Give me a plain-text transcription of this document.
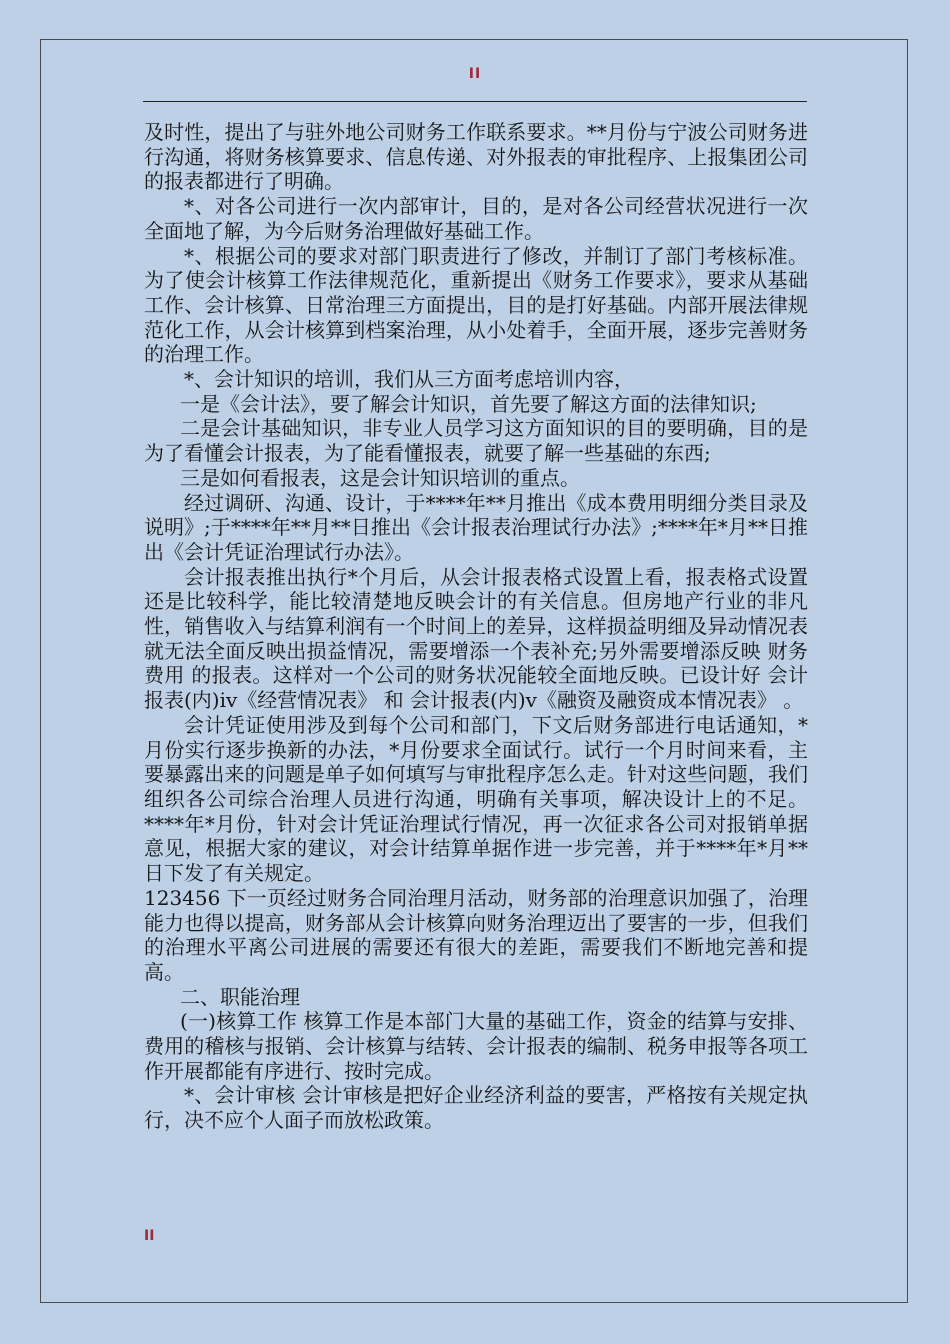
II

及时性，提出了与驻外地公司财务工作联系要求。**月份与宁波公司财务进行沟通，将财务核算要求、信息传递、对外报表的审批程序、上报集团公司的报表都进行了明确。

*、对各公司进行一次内部审计，目的，是对各公司经营状况进行一次全面地了解，为今后财务治理做好基础工作。

*、根据公司的要求对部门职责进行了修改，并制订了部门考核标准。为了使会计核算工作法律规范化，重新提出《财务工作要求》，要求从基础工作、会计核算、日常治理三方面提出，目的是打好基础。内部开展法律规范化工作，从会计核算到档案治理，从小处着手，全面开展，逐步完善财务的治理工作。

*、会计知识的培训，我们从三方面考虑培训内容，

一是《会计法》，要了解会计知识，首先要了解这方面的法律知识;

二是会计基础知识，非专业人员学习这方面知识的目的要明确，目的是为了看懂会计报表，为了能看懂报表，就要了解一些基础的东西;

三是如何看报表，这是会计知识培训的重点。

经过调研、沟通、设计，于****年**月推出《成本费用明细分类目录及说明》;于****年**月**日推出《会计报表治理试行办法》;****年*月**日推出《会计凭证治理试行办法》。

会计报表推出执行*个月后，从会计报表格式设置上看，报表格式设置还是比较科学，能比较清楚地反映会计的有关信息。但房地产行业的非凡性，销售收入与结算利润有一个时间上的差异，这样损益明细及异动情况表 就无法全面反映出损益情况，需要增添一个表补充;另外需要增添反映 财务费用 的报表。这样对一个公司的财务状况能较全面地反映。已设计好 会计报表(内)iv《经营情况表》 和 会计报表(内)v《融资及融资成本情况表》 。

会计凭证使用涉及到每个公司和部门，下文后财务部进行电话通知，*月份实行逐步换新的办法，*月份要求全面试行。试行一个月时间来看，主要暴露出来的问题是单子如何填写与审批程序怎么走。针对这些问题，我们组织各公司综合治理人员进行沟通，明确有关事项，解决设计上的不足。****年*月份，针对会计凭证治理试行情况，再一次征求各公司对报销单据意见，根据大家的建议，对会计结算单据作进一步完善，并于****年*月**日下发了有关规定。

123456 下一页经过财务合同治理月活动，财务部的治理意识加强了，治理能力也得以提高，财务部从会计核算向财务治理迈出了要害的一步，但我们的治理水平离公司进展的需要还有很大的差距，需要我们不断地完善和提高。

二、职能治理

(一)核算工作 核算工作是本部门大量的基础工作，资金的结算与安排、费用的稽核与报销、会计核算与结转、会计报表的编制、税务申报等各项工作开展都能有序进行、按时完成。

*、会计审核 会计审核是把好企业经济利益的要害，严格按有关规定执行，决不应个人面子而放松政策。

II
